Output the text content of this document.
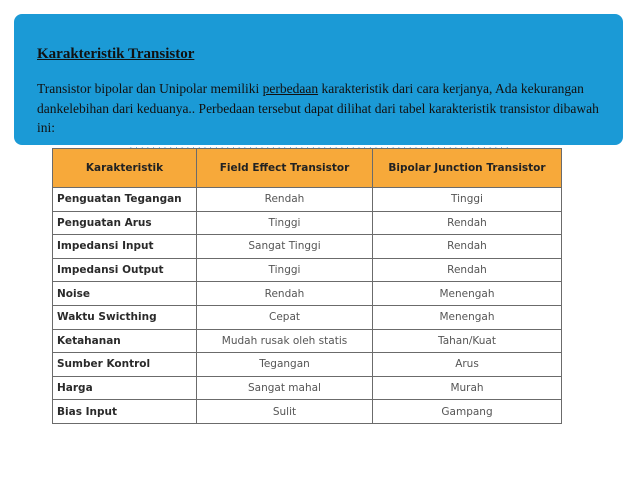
Karakteristik Transistor

Transistor bipolar dan Unipolar memiliki perbedaan karakteristik dari cara kerjanya, Ada kekurangan dankelebihan dari keduanya.. Perbedaan tersebut dapat dilihat dari tabel karakteristik transistor dibawah ini:

Karakteristik	Field Effect Transistor	Bipolar Junction Transistor
Penguatan Tegangan	Rendah	Tinggi
Penguatan Arus	Tinggi	Rendah
Impedansi Input	Sangat Tinggi	Rendah
Impedansi Output	Tinggi	Rendah
Noise	Rendah	Menengah
Waktu Swicthing	Cepat	Menengah
Ketahanan	Mudah rusak oleh statis	Tahan/Kuat
Sumber Kontrol	Tegangan	Arus
Harga	Sangat mahal	Murah
Bias Input	Sulit	Gampang
